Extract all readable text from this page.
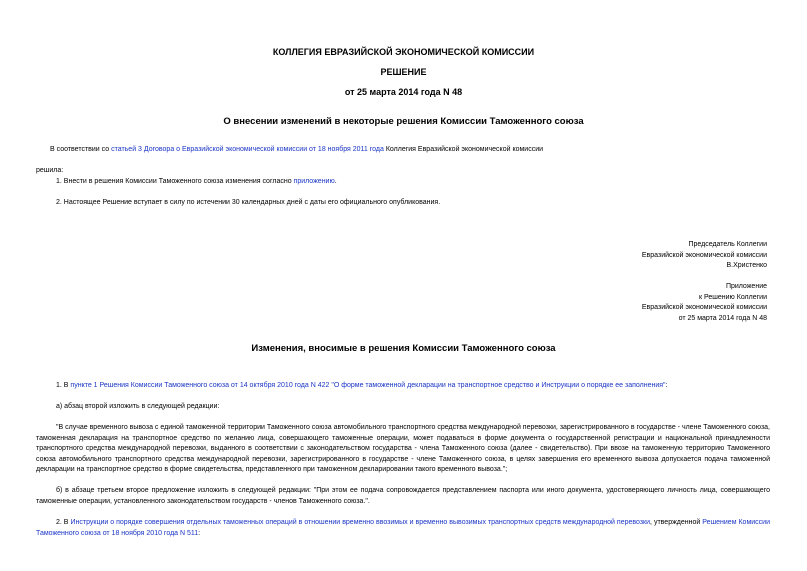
КОЛЛЕГИЯ ЕВРАЗИЙСКОЙ ЭКОНОМИЧЕСКОЙ КОМИССИИ
РЕШЕНИЕ
от 25 марта 2014 года N 48
О внесении изменений в некоторые решения Комиссии Таможенного союза
В соответствии со статьей 3 Договора о Евразийской экономической комиссии от 18 ноября 2011 года Коллегия Евразийской экономической комиссии
решила:
1. Внести в решения Комиссии Таможенного союза изменения согласно приложению.
2. Настоящее Решение вступает в силу по истечении 30 календарных дней с даты его официального опубликования.
Председатель Коллегии
Евразийской экономической комиссии
В.Христенко
Приложение
к Решению Коллегии
Евразийской экономической комиссии
от 25 марта 2014 года N 48
Изменения, вносимые в решения Комиссии Таможенного союза
1. В пункте 1 Решения Комиссии Таможенного союза от 14 октября 2010 года N 422 "О форме таможенной декларации на транспортное средство и Инструкции о порядке ее заполнения":
а) абзац второй изложить в следующей редакции:
"В случае временного вывоза с единой таможенной территории Таможенного союза автомобильного транспортного средства международной перевозки, зарегистрированного в государстве - члене Таможенного союза, таможенная декларация на транспортное средство по желанию лица, совершающего таможенные операции, может подаваться в форме документа о государственной регистрации и национальной принадлежности транспортного средства международной перевозки, выданного в соответствии с законодательством государства - члена Таможенного союза (далее - свидетельство). При ввозе на таможенную территорию Таможенного союза автомобильного транспортного средства международной перевозки, зарегистрированного в государстве - члене Таможенного союза, в целях завершения его временного вывоза допускается подача таможенной декларации на транспортное средство в форме свидетельства, представленного при таможенном декларировании такого временного вывоза.";
б) в абзаце третьем второе предложение изложить в следующей редакции: "При этом ее подача сопровождается представлением паспорта или иного документа, удостоверяющего личность лица, совершающего таможенные операции, установленного законодательством государств - членов Таможенного союза.".
2. В Инструкции о порядке совершения отдельных таможенных операций в отношении временно ввозимых и временно вывозимых транспортных средств международной перевозки, утвержденной Решением Комиссии Таможенного союза от 18 ноября 2010 года N 511:
